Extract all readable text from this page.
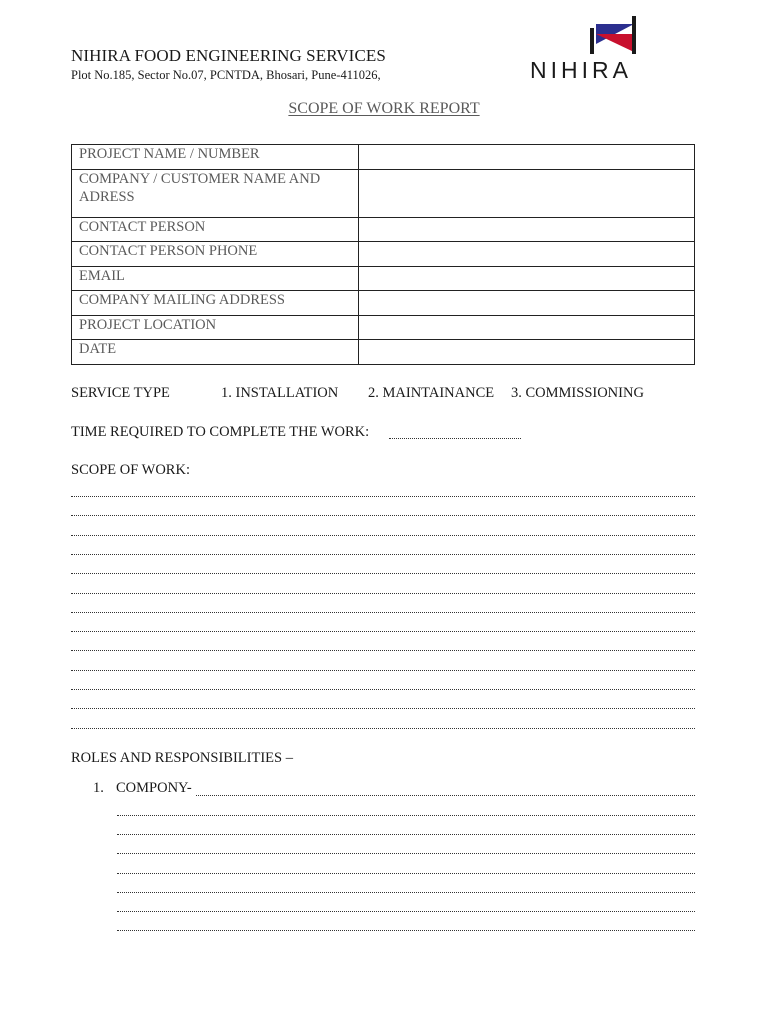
NIHIRA FOOD ENGINEERING SERVICES
Plot No.185, Sector No.07, PCNTDA, Bhosari, Pune-411026,	NIHIRA
SCOPE OF WORK REPORT
PROJECT NAME / NUMBER	
COMPANY / CUSTOMER NAME AND ADRESS	
CONTACT PERSON	
CONTACT PERSON PHONE	
EMAIL	
COMPANY MAILING ADDRESS	
PROJECT LOCATION	
DATE	
SERVICE TYPE	1. INSTALLATION 2. MAINTAINANCE 3. COMMISSIONING
TIME REQUIRED TO COMPLETE THE WORK:
SCOPE OF WORK:
ROLES AND RESPONSIBILITIES –
1. COMPONY-
